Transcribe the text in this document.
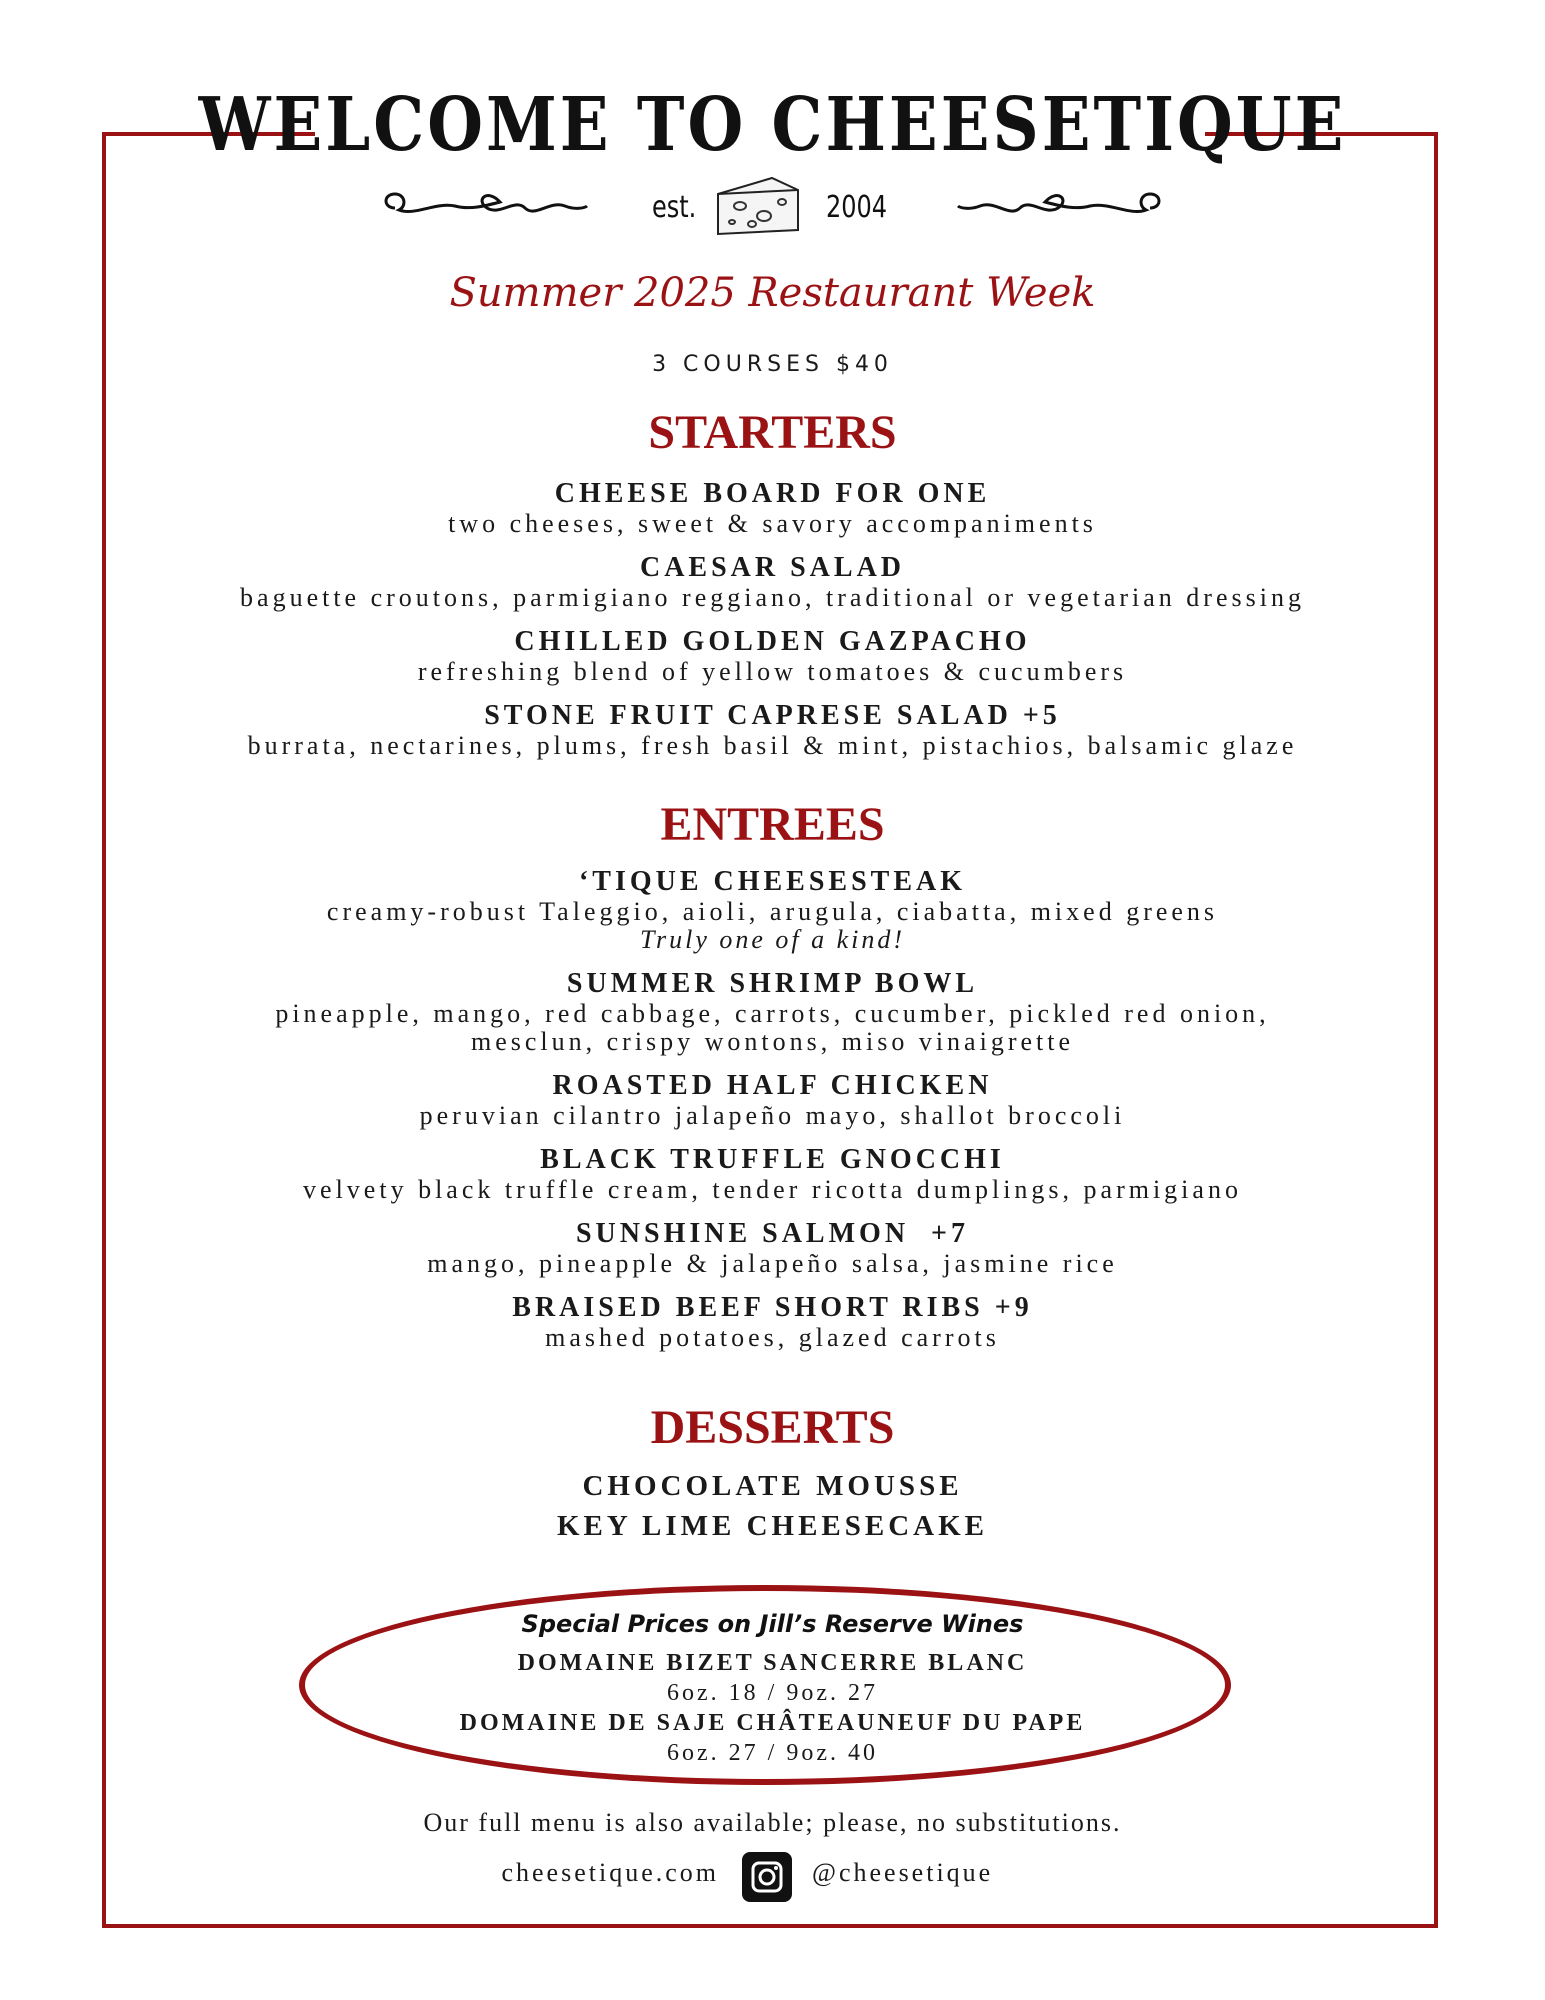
WELCOME TO CHEESETIQUE
est.	2004
Summer 2025 Restaurant Week
3 COURSES $40
STARTERS
CHEESE BOARD FOR ONE
two cheeses, sweet & savory accompaniments
CAESAR SALAD
baguette croutons, parmigiano reggiano, traditional or vegetarian dressing
CHILLED GOLDEN GAZPACHO
refreshing blend of yellow tomatoes & cucumbers
STONE FRUIT CAPRESE SALAD +5
burrata, nectarines, plums, fresh basil & mint, pistachios, balsamic glaze
ENTREES
‘TIQUE CHEESESTEAK
creamy-robust Taleggio, aioli, arugula, ciabatta, mixed greens
Truly one of a kind!
SUMMER SHRIMP BOWL
pineapple, mango, red cabbage, carrots, cucumber, pickled red onion,
mesclun, crispy wontons, miso vinaigrette
ROASTED HALF CHICKEN
peruvian cilantro jalapeño mayo, shallot broccoli
BLACK TRUFFLE GNOCCHI
velvety black truffle cream, tender ricotta dumplings, parmigiano
SUNSHINE SALMON  +7
mango, pineapple & jalapeño salsa, jasmine rice
BRAISED BEEF SHORT RIBS +9
mashed potatoes, glazed carrots
DESSERTS
CHOCOLATE MOUSSE
KEY LIME CHEESECAKE
Special Prices on Jill’s Reserve Wines
DOMAINE BIZET SANCERRE BLANC
6oz. 18 / 9oz. 27
DOMAINE DE SAJE CHÂTEAUNEUF DU PAPE
6oz. 27 / 9oz. 40
Our full menu is also available; please, no substitutions.
cheesetique.com	@cheesetique
